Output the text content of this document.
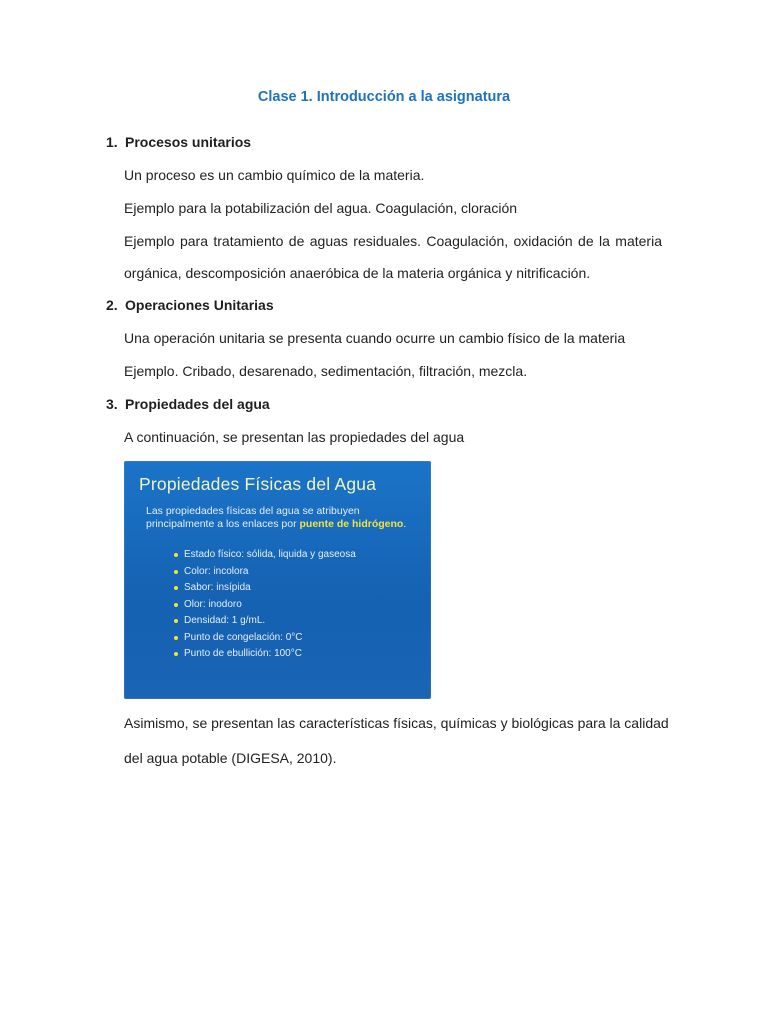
Clase 1. Introducción a la asignatura
1. Procesos unitarios
Un proceso es un cambio químico de la materia.
Ejemplo para la potabilización del agua. Coagulación, cloración
Ejemplo para tratamiento de aguas residuales. Coagulación, oxidación de la materia
orgánica, descomposición anaeróbica de la materia orgánica y nitrificación.
2. Operaciones Unitarias
Una operación unitaria se presenta cuando ocurre un cambio físico de la materia
Ejemplo. Cribado, desarenado, sedimentación, filtración, mezcla.
3. Propiedades del agua
A continuación, se presentan las propiedades del agua
Propiedades Físicas del Agua
Las propiedades físicas del agua se atribuyen principalmente a los enlaces por puente de hidrógeno.
Estado físico: sólida, liquida y gaseosa
Color: incolora
Sabor: insípida
Olor: inodoro
Densidad: 1 g/mL.
Punto de congelación: 0°C
Punto de ebullición: 100°C
Asimismo, se presentan las características físicas, químicas y biológicas para la calidad
del agua potable (DIGESA, 2010).
